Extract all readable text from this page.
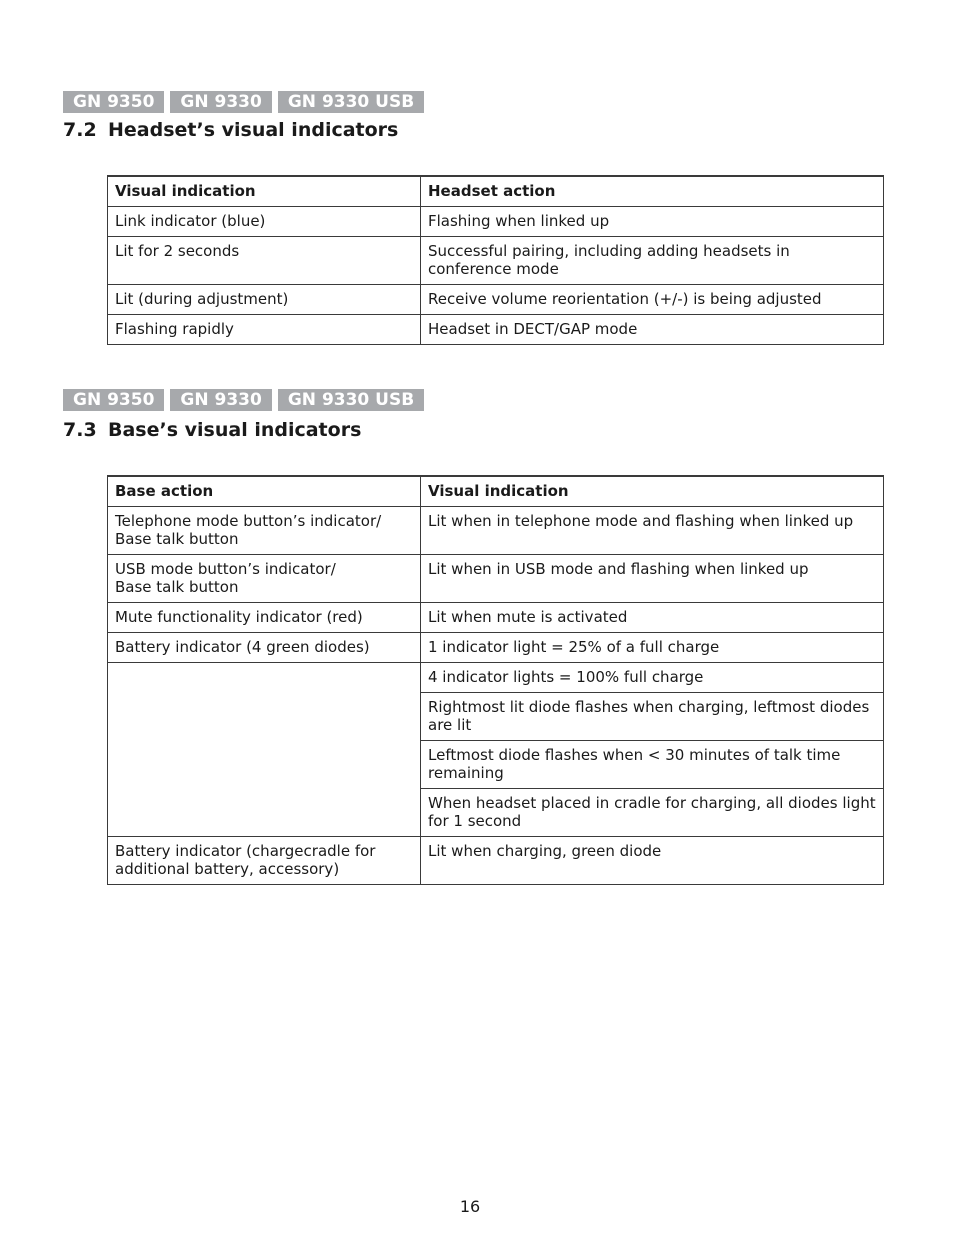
GN 9350	GN 9330	GN 9330 USB
7.2 Headset’s visual indicators
Visual indication	Headset action
Link indicator (blue)	Flashing when linked up
Lit for 2 seconds	Successful pairing, including adding headsets in conference mode
Lit (during adjustment)	Receive volume reorientation (+/-) is being adjusted
Flashing rapidly	Headset in DECT/GAP mode
GN 9350	GN 9330	GN 9330 USB
7.3 Base’s visual indicators
Base action	Visual indication
Telephone mode button’s indicator/
Base talk button	Lit when in telephone mode and flashing when linked up
USB mode button’s indicator/
Base talk button	Lit when in USB mode and flashing when linked up
Mute functionality indicator (red)	Lit when mute is activated
Battery indicator (4 green diodes)	1 indicator light = 25% of a full charge
	4 indicator lights = 100% full charge
	Rightmost lit diode flashes when charging, leftmost diodes are lit
	Leftmost diode flashes when < 30 minutes of talk time remaining
	When headset placed in cradle for charging, all diodes light for 1 second
Battery indicator (chargecradle for additional battery, accessory)	Lit when charging, green diode
16
